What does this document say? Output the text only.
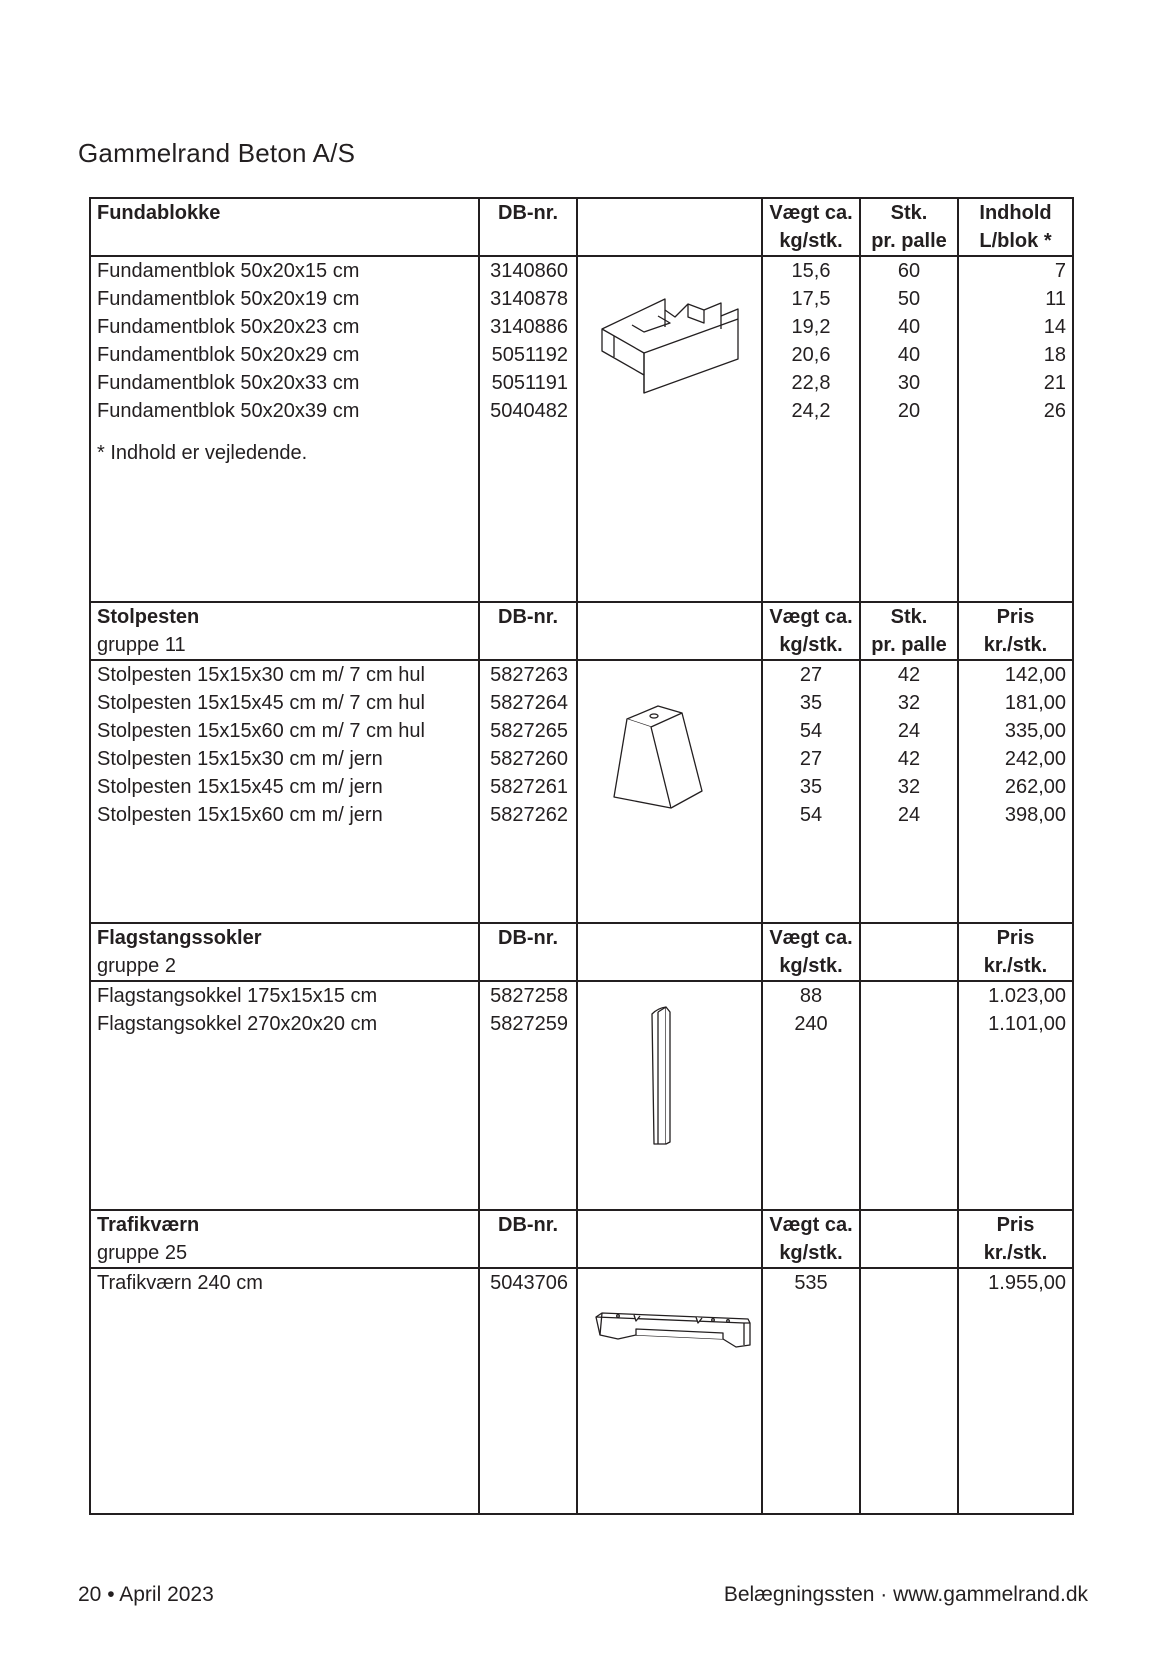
Gammelrand Beton A/S
Fundablokke	DB-nr.		Vægt ca.	Stk.	Indhold
			kg/stk.	pr. palle	L/blok *
Fundamentblok 50x20x15 cm	3140860		15,6	60	7
Fundamentblok 50x20x19 cm	3140878		17,5	50	11
Fundamentblok 50x20x23 cm	3140886		19,2	40	14
Fundamentblok 50x20x29 cm	5051192		20,6	40	18
Fundamentblok 50x20x33 cm	5051191		22,8	30	21
Fundamentblok 50x20x39 cm	5040482		24,2	20	26
* Indhold er vejledende.					
Stolpesten	DB-nr.		Vægt ca.	Stk.	Pris
gruppe 11			kg/stk.	pr. palle	kr./stk.
Stolpesten 15x15x30 cm m/ 7 cm hul	5827263		27	42	142,00
Stolpesten 15x15x45 cm m/ 7 cm hul	5827264		35	32	181,00
Stolpesten 15x15x60 cm m/ 7 cm hul	5827265		54	24	335,00
Stolpesten 15x15x30 cm m/ jern	5827260		27	42	242,00
Stolpesten 15x15x45 cm m/ jern	5827261		35	32	262,00
Stolpesten 15x15x60 cm m/ jern	5827262		54	24	398,00

Flagstangssokler	DB-nr.		Vægt ca.		Pris
gruppe 2			kg/stk.		kr./stk.
Flagstangsokkel 175x15x15 cm	5827258		88		1.023,00
Flagstangsokkel 270x20x20 cm	5827259		240		1.101,00

Trafikværn	DB-nr.		Vægt ca.		Pris
gruppe 25			kg/stk.		kr./stk.
Trafikværn 240 cm	5043706		535		1.955,00

20 • April 2023	Belægningssten · www.gammelrand.dk
